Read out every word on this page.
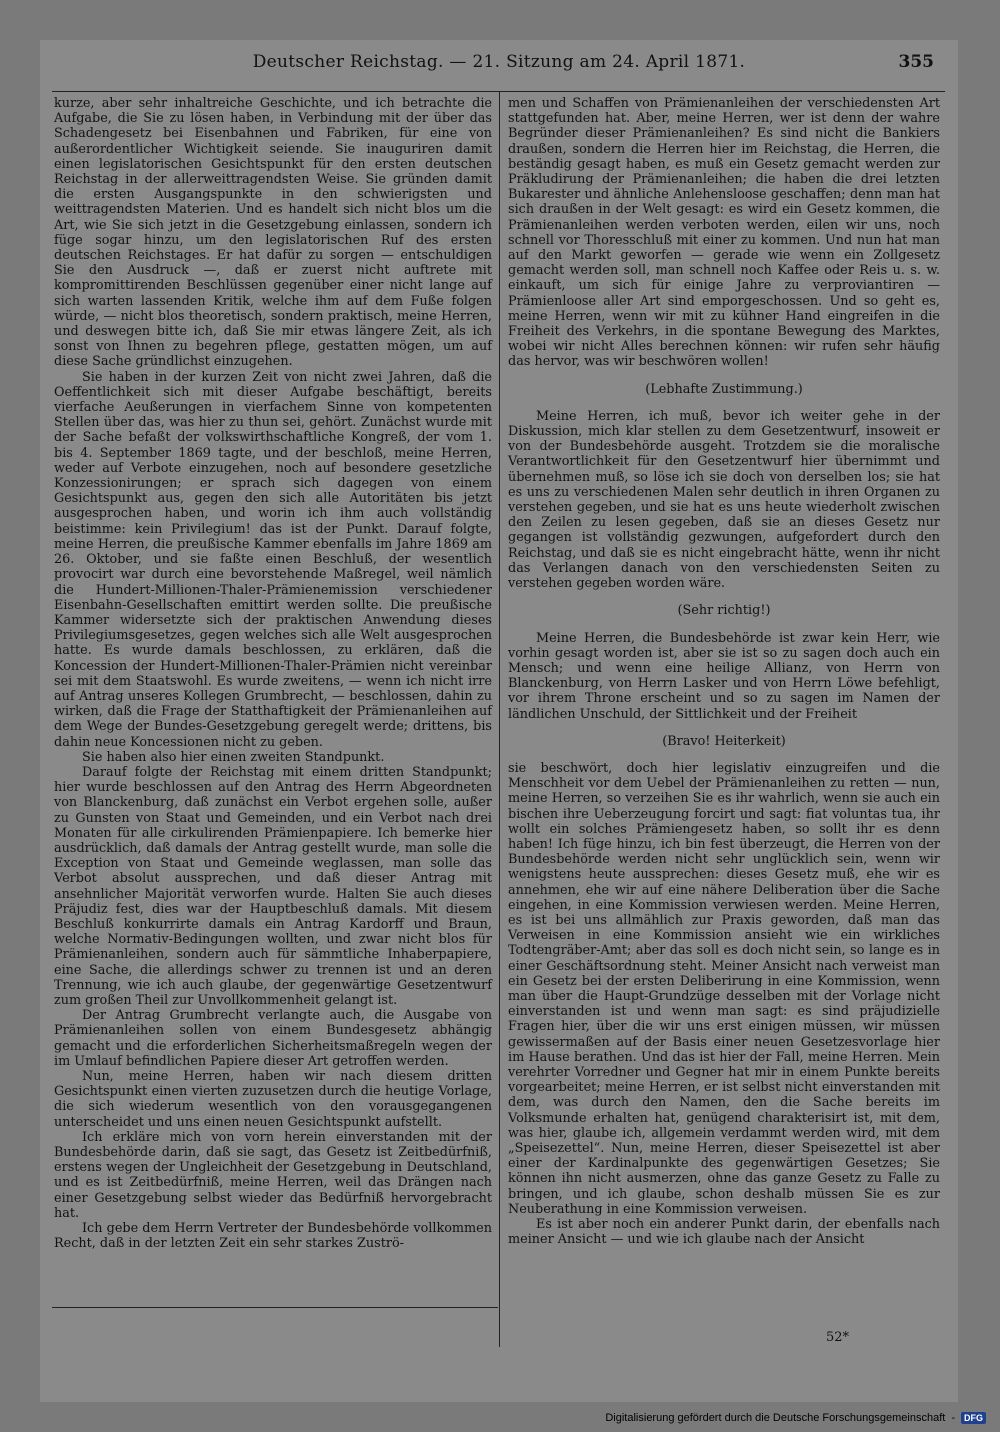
Deutscher Reichstag. — 21. Sitzung am 24. April 1871.	355

kurze, aber sehr inhaltreiche Geschichte, und ich betrachte die Aufgabe, die Sie zu lösen haben, in Verbindung mit der über das Schadengesetz bei Eisenbahnen und Fabriken, für eine von außerordentlicher Wichtigkeit seiende. Sie inauguriren damit einen legislatorischen Gesichtspunkt für den ersten deutschen Reichstag in der allerweittragendsten Weise. Sie gründen damit die ersten Ausgangspunkte in den schwierigsten und weittragendsten Materien. Und es handelt sich nicht blos um die Art, wie Sie sich jetzt in die Gesetzgebung einlassen, sondern ich füge sogar hinzu, um den legislatorischen Ruf des ersten deutschen Reichstages. Er hat dafür zu sorgen — entschuldigen Sie den Ausdruck —, daß er zuerst nicht auftrete mit kompromittirenden Beschlüssen gegenüber einer nicht lange auf sich warten lassenden Kritik, welche ihm auf dem Fuße folgen würde, — nicht blos theoretisch, sondern praktisch, meine Herren, und deswegen bitte ich, daß Sie mir etwas längere Zeit, als ich sonst von Ihnen zu begehren pflege, gestatten mögen, um auf diese Sache gründlichst einzugehen.

Sie haben in der kurzen Zeit von nicht zwei Jahren, daß die Oeffentlichkeit sich mit dieser Aufgabe beschäftigt, bereits vierfache Aeußerungen in vierfachem Sinne von kompetenten Stellen über das, was hier zu thun sei, gehört. Zunächst wurde mit der Sache befaßt der volkswirthschaftliche Kongreß, der vom 1. bis 4. September 1869 tagte, und der beschloß, meine Herren, weder auf Verbote einzugehen, noch auf besondere gesetzliche Konzessionirungen; er sprach sich dagegen von einem Gesichtspunkt aus, gegen den sich alle Autoritäten bis jetzt ausgesprochen haben, und worin ich ihm auch vollständig beistimme: kein Privilegium! das ist der Punkt. Darauf folgte, meine Herren, die preußische Kammer ebenfalls im Jahre 1869 am 26. Oktober, und sie faßte einen Beschluß, der wesentlich provocirt war durch eine bevorstehende Maßregel, weil nämlich die Hundert-Millionen-Thaler-Prämienemission verschiedener Eisenbahn-Gesellschaften emittirt werden sollte. Die preußische Kammer widersetzte sich der praktischen Anwendung dieses Privilegiumsgesetzes, gegen welches sich alle Welt ausgesprochen hatte. Es wurde damals beschlossen, zu erklären, daß die Koncession der Hundert-Millionen-Thaler-Prämien nicht vereinbar sei mit dem Staatswohl. Es wurde zweitens, — wenn ich nicht irre auf Antrag unseres Kollegen Grumbrecht, — beschlossen, dahin zu wirken, daß die Frage der Statthaftigkeit der Prämienanleihen auf dem Wege der Bundes-Gesetzgebung geregelt werde; drittens, bis dahin neue Koncessionen nicht zu geben.

Sie haben also hier einen zweiten Standpunkt.

Darauf folgte der Reichstag mit einem dritten Standpunkt; hier wurde beschlossen auf den Antrag des Herrn Abgeordneten von Blanckenburg, daß zunächst ein Verbot ergehen solle, außer zu Gunsten von Staat und Gemeinden, und ein Verbot nach drei Monaten für alle cirkulirenden Prämienpapiere. Ich bemerke hier ausdrücklich, daß damals der Antrag gestellt wurde, man solle die Exception von Staat und Gemeinde weglassen, man solle das Verbot absolut aussprechen, und daß dieser Antrag mit ansehnlicher Majorität verworfen wurde. Halten Sie auch dieses Präjudiz fest, dies war der Hauptbeschluß damals. Mit diesem Beschluß konkurrirte damals ein Antrag Kardorff und Braun, welche Normativ-Bedingungen wollten, und zwar nicht blos für Prämienanleihen, sondern auch für sämmtliche Inhaberpapiere, eine Sache, die allerdings schwer zu trennen ist und an deren Trennung, wie ich auch glaube, der gegenwärtige Gesetzentwurf zum großen Theil zur Unvollkommenheit gelangt ist.

Der Antrag Grumbrecht verlangte auch, die Ausgabe von Prämienanleihen sollen von einem Bundesgesetz abhängig gemacht und die erforderlichen Sicherheitsmaßregeln wegen der im Umlauf befindlichen Papiere dieser Art getroffen werden.

Nun, meine Herren, haben wir nach diesem dritten Gesichtspunkt einen vierten zuzusetzen durch die heutige Vorlage, die sich wiederum wesentlich von den vorausgegangenen unterscheidet und uns einen neuen Gesichtspunkt aufstellt.

Ich erkläre mich von vorn herein einverstanden mit der Bundesbehörde darin, daß sie sagt, das Gesetz ist Zeitbedürfniß, erstens wegen der Ungleichheit der Gesetzgebung in Deutschland, und es ist Zeitbedürfniß, meine Herren, weil das Drängen nach einer Gesetzgebung selbst wieder das Bedürfniß hervorgebracht hat.

Ich gebe dem Herrn Vertreter der Bundesbehörde vollkommen Recht, daß in der letzten Zeit ein sehr starkes Zuströ-

men und Schaffen von Prämienanleihen der verschiedensten Art stattgefunden hat. Aber, meine Herren, wer ist denn der wahre Begründer dieser Prämienanleihen? Es sind nicht die Bankiers draußen, sondern die Herren hier im Reichstag, die Herren, die beständig gesagt haben, es muß ein Gesetz gemacht werden zur Präkludirung der Prämienanleihen; die haben die drei letzten Bukarester und ähnliche Anlehensloose geschaffen; denn man hat sich draußen in der Welt gesagt: es wird ein Gesetz kommen, die Prämienanleihen werden verboten werden, eilen wir uns, noch schnell vor Thoresschluß mit einer zu kommen. Und nun hat man auf den Markt geworfen — gerade wie wenn ein Zollgesetz gemacht werden soll, man schnell noch Kaffee oder Reis u. s. w. einkauft, um sich für einige Jahre zu verproviantiren — Prämienloose aller Art sind emporgeschossen. Und so geht es, meine Herren, wenn wir mit zu kühner Hand eingreifen in die Freiheit des Verkehrs, in die spontane Bewegung des Marktes, wobei wir nicht Alles berechnen können: wir rufen sehr häufig das hervor, was wir beschwören wollen!

(Lebhafte Zustimmung.)

Meine Herren, ich muß, bevor ich weiter gehe in der Diskussion, mich klar stellen zu dem Gesetzentwurf, insoweit er von der Bundesbehörde ausgeht. Trotzdem sie die moralische Verantwortlichkeit für den Gesetzentwurf hier übernimmt und übernehmen muß, so löse ich sie doch von derselben los; sie hat es uns zu verschiedenen Malen sehr deutlich in ihren Organen zu verstehen gegeben, und sie hat es uns heute wiederholt zwischen den Zeilen zu lesen gegeben, daß sie an dieses Gesetz nur gegangen ist vollständig gezwungen, aufgefordert durch den Reichstag, und daß sie es nicht eingebracht hätte, wenn ihr nicht das Verlangen danach von den verschiedensten Seiten zu verstehen gegeben worden wäre.

(Sehr richtig!)

Meine Herren, die Bundesbehörde ist zwar kein Herr, wie vorhin gesagt worden ist, aber sie ist so zu sagen doch auch ein Mensch; und wenn eine heilige Allianz, von Herrn von Blanckenburg, von Herrn Lasker und von Herrn Löwe befehligt, vor ihrem Throne erscheint und so zu sagen im Namen der ländlichen Unschuld, der Sittlichkeit und der Freiheit

(Bravo! Heiterkeit)

sie beschwört, doch hier legislativ einzugreifen und die Menschheit vor dem Uebel der Prämienanleihen zu retten — nun, meine Herren, so verzeihen Sie es ihr wahrlich, wenn sie auch ein bischen ihre Ueberzeugung forcirt und sagt: fiat voluntas tua, ihr wollt ein solches Prämiengesetz haben, so sollt ihr es denn haben! Ich füge hinzu, ich bin fest überzeugt, die Herren von der Bundesbehörde werden nicht sehr unglücklich sein, wenn wir wenigstens heute aussprechen: dieses Gesetz muß, ehe wir es annehmen, ehe wir auf eine nähere Deliberation über die Sache eingehen, in eine Kommission verwiesen werden. Meine Herren, es ist bei uns allmählich zur Praxis geworden, daß man das Verweisen in eine Kommission ansieht wie ein wirkliches Todtengräber-Amt; aber das soll es doch nicht sein, so lange es in einer Geschäftsordnung steht. Meiner Ansicht nach verweist man ein Gesetz bei der ersten Deliberirung in eine Kommission, wenn man über die Haupt-Grundzüge desselben mit der Vorlage nicht einverstanden ist und wenn man sagt: es sind präjudizielle Fragen hier, über die wir uns erst einigen müssen, wir müssen gewissermaßen auf der Basis einer neuen Gesetzesvorlage hier im Hause berathen. Und das ist hier der Fall, meine Herren. Mein verehrter Vorredner und Gegner hat mir in einem Punkte bereits vorgearbeitet; meine Herren, er ist selbst nicht einverstanden mit dem, was durch den Namen, den die Sache bereits im Volksmunde erhalten hat, genügend charakterisirt ist, mit dem, was hier, glaube ich, allgemein verdammt werden wird, mit dem „Speisezettel“. Nun, meine Herren, dieser Speisezettel ist aber einer der Kardinalpunkte des gegenwärtigen Gesetzes; Sie können ihn nicht ausmerzen, ohne das ganze Gesetz zu Falle zu bringen, und ich glaube, schon deshalb müssen Sie es zur Neuberathung in eine Kommission verweisen.

Es ist aber noch ein anderer Punkt darin, der ebenfalls nach meiner Ansicht — und wie ich glaube nach der Ansicht

52*
Digitalisierung gefördert durch die Deutsche Forschungsgemeinschaft -	DFG
